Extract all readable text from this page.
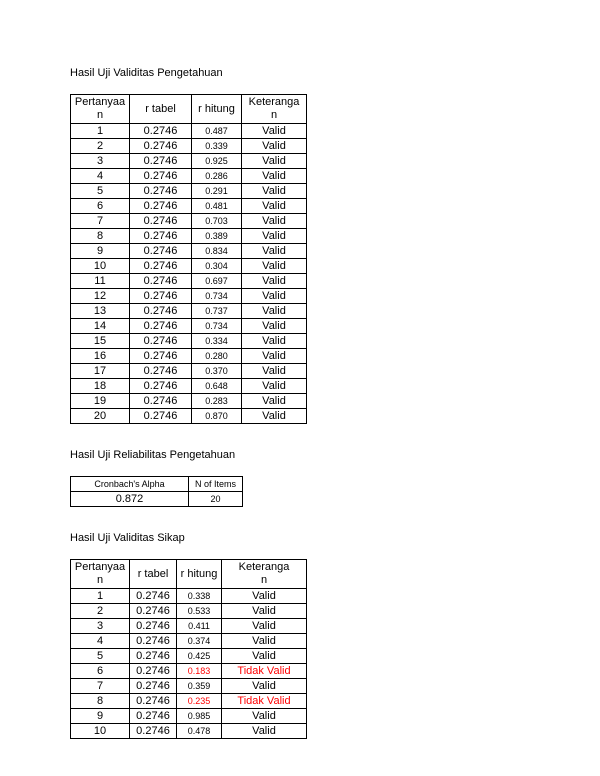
Hasil Uji Validitas Pengetahuan
Pertanyaan	r tabel	r hitung	Keterangan
1	0.2746	0.487	Valid
2	0.2746	0.339	Valid
3	0.2746	0.925	Valid
4	0.2746	0.286	Valid
5	0.2746	0.291	Valid
6	0.2746	0.481	Valid
7	0.2746	0.703	Valid
8	0.2746	0.389	Valid
9	0.2746	0.834	Valid
10	0.2746	0.304	Valid
11	0.2746	0.697	Valid
12	0.2746	0.734	Valid
13	0.2746	0.737	Valid
14	0.2746	0.734	Valid
15	0.2746	0.334	Valid
16	0.2746	0.280	Valid
17	0.2746	0.370	Valid
18	0.2746	0.648	Valid
19	0.2746	0.283	Valid
20	0.2746	0.870	Valid
Hasil Uji Reliabilitas Pengetahuan
Cronbach's Alpha	N of Items
0.872	20
Hasil Uji Validitas Sikap
Pertanyaan	r tabel	r hitung	Keterangan
1	0.2746	0.338	Valid
2	0.2746	0.533	Valid
3	0.2746	0.411	Valid
4	0.2746	0.374	Valid
5	0.2746	0.425	Valid
6	0.2746	0.183	Tidak Valid
7	0.2746	0.359	Valid
8	0.2746	0.235	Tidak Valid
9	0.2746	0.985	Valid
10	0.2746	0.478	Valid
